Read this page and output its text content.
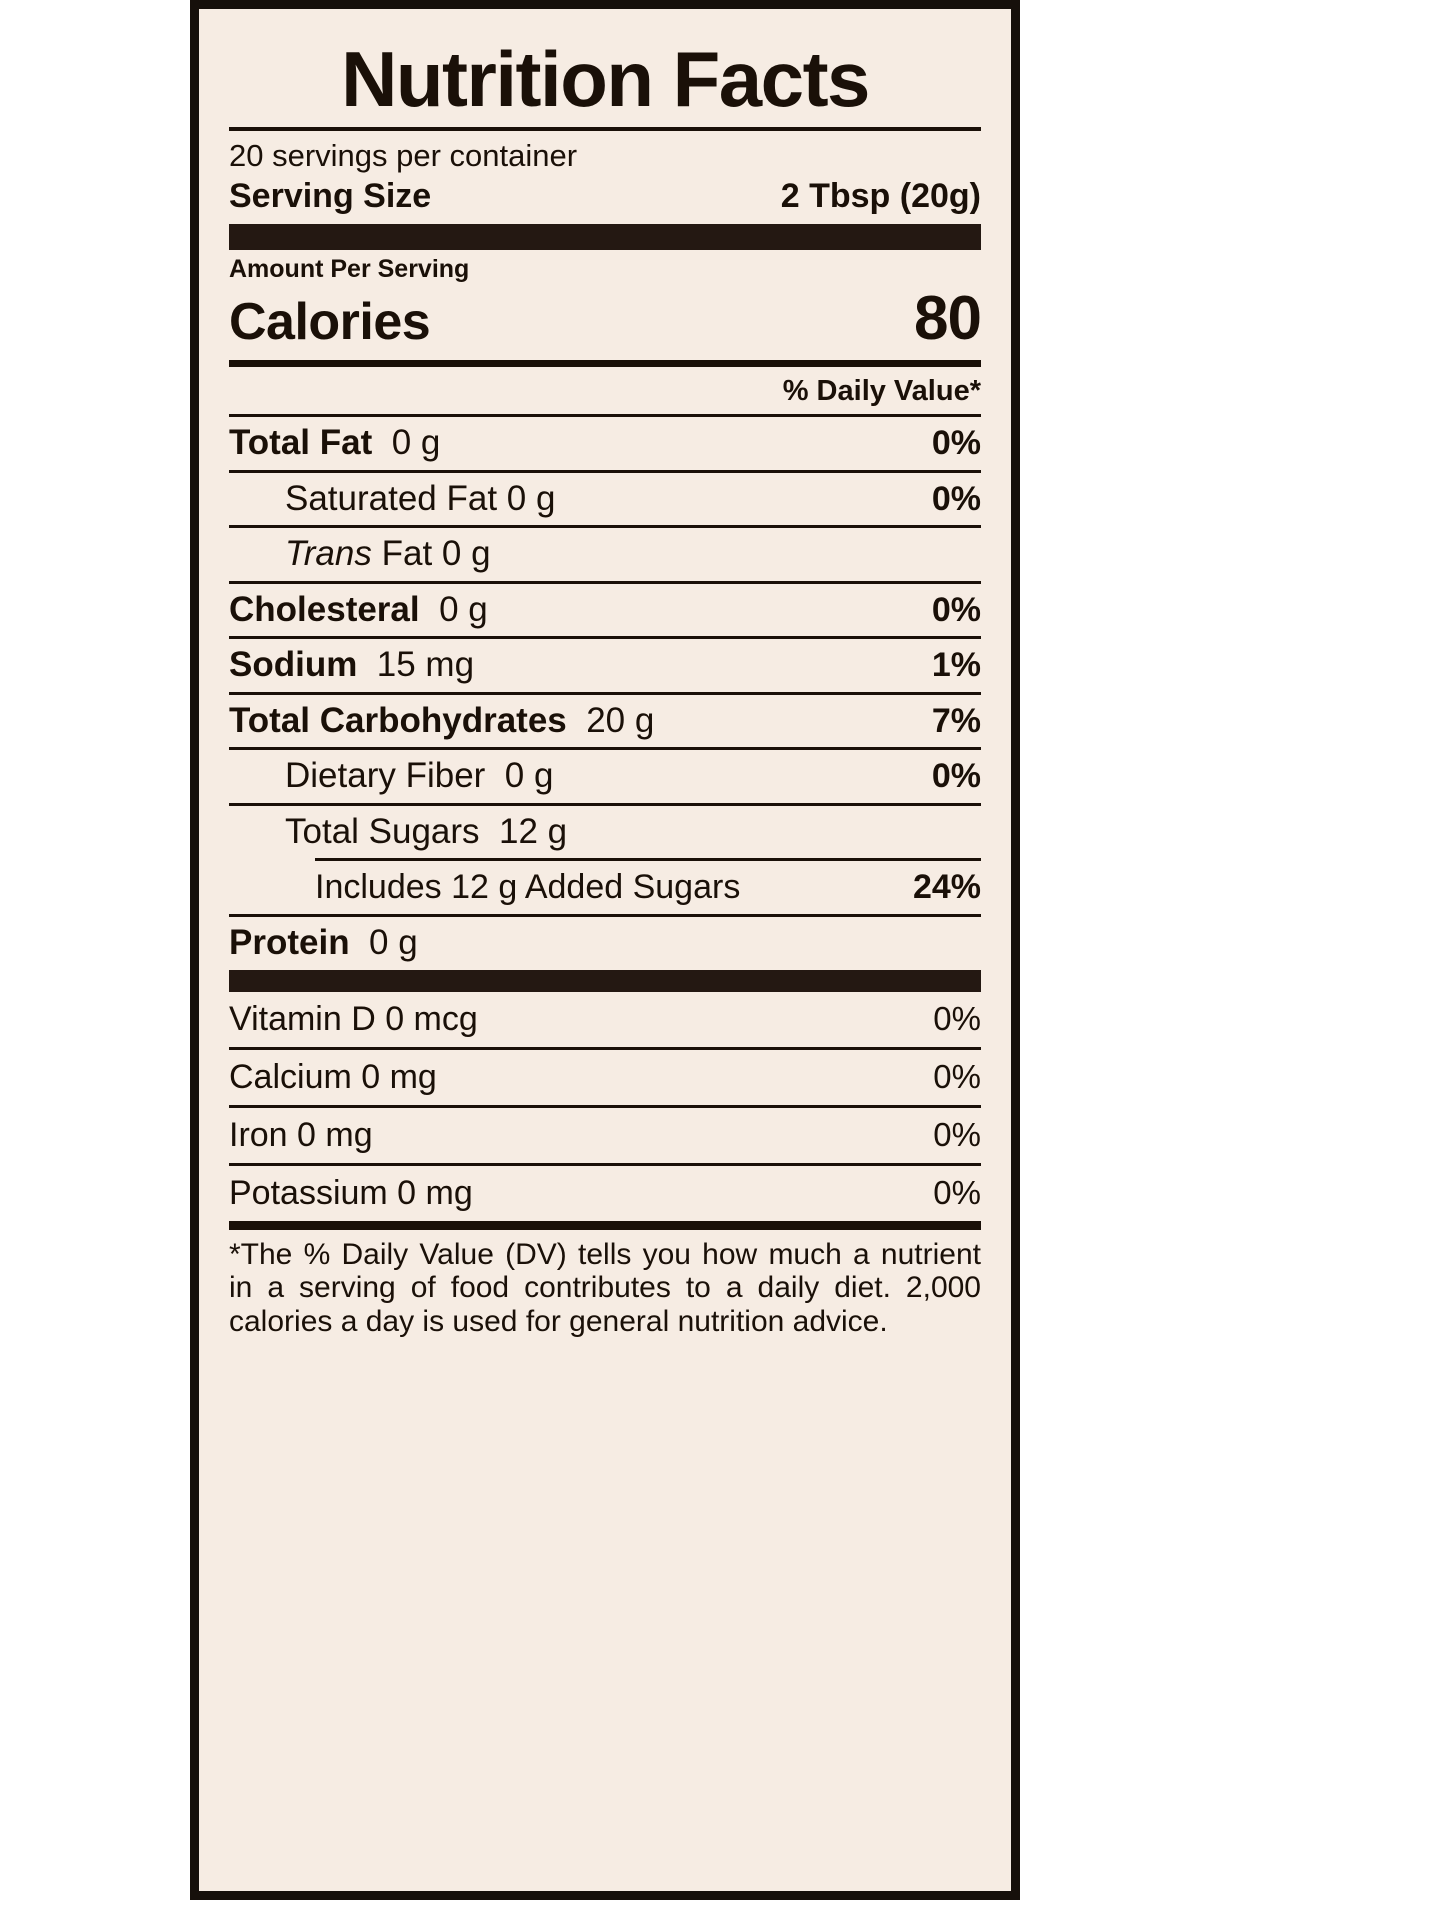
Nutrition Facts
20 servings per container
Serving Size	2 Tbsp (20g)
Amount Per Serving
Calories	80
% Daily Value*
Total Fat 0 g	0%
Saturated Fat 0 g	0%
Trans Fat 0 g
Cholesteral 0 g	0%
Sodium 15 mg	1%
Total Carbohydrates 20 g	7%
Dietary Fiber 0 g	0%
Total Sugars 12 g
Includes 12 g Added Sugars	24%
Protein 0 g
Vitamin D 0 mcg	0%
Calcium 0 mg	0%
Iron 0 mg	0%
Potassium 0 mg	0%
*The % Daily Value (DV) tells you how much a nutrient in a serving of food contributes to a daily diet. 2,000 calories a day is used for general nutrition advice.
